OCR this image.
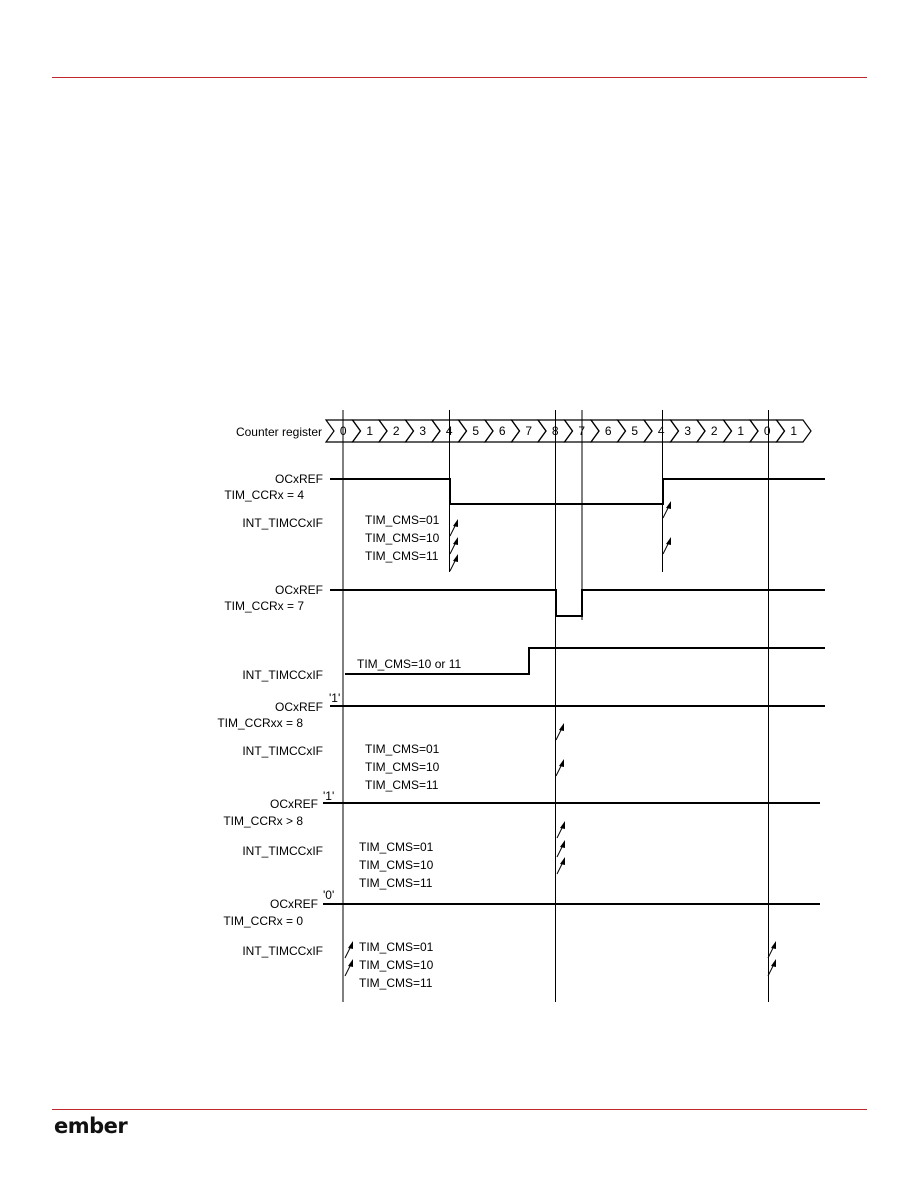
ember
Counter register 0 1 2 3 4 5 6 7 8 7 6 5 4 3 2 1 0 1
OCxREF
TIM_CCRx = 4
INT_TIMCCxIF	TIM_CMS=01
TIM_CMS=10
TIM_CMS=11
OCxREF
TIM_CCRx = 7
INT_TIMCCxIF
TIM_CMS=10 or 11
'1'
OCxREF
TIM_CCRxx = 8
INT_TIMCCxIF	TIM_CMS=01
TIM_CMS=10
TIM_CMS=11
'1'
OCxREF
TIM_CCRx > 8
INT_TIMCCxIF	TIM_CMS=01
TIM_CMS=10
TIM_CMS=11
'0'
OCxREF
TIM_CCRx = 0
INT_TIMCCxIF	TIM_CMS=01
TIM_CMS=10
TIM_CMS=11
